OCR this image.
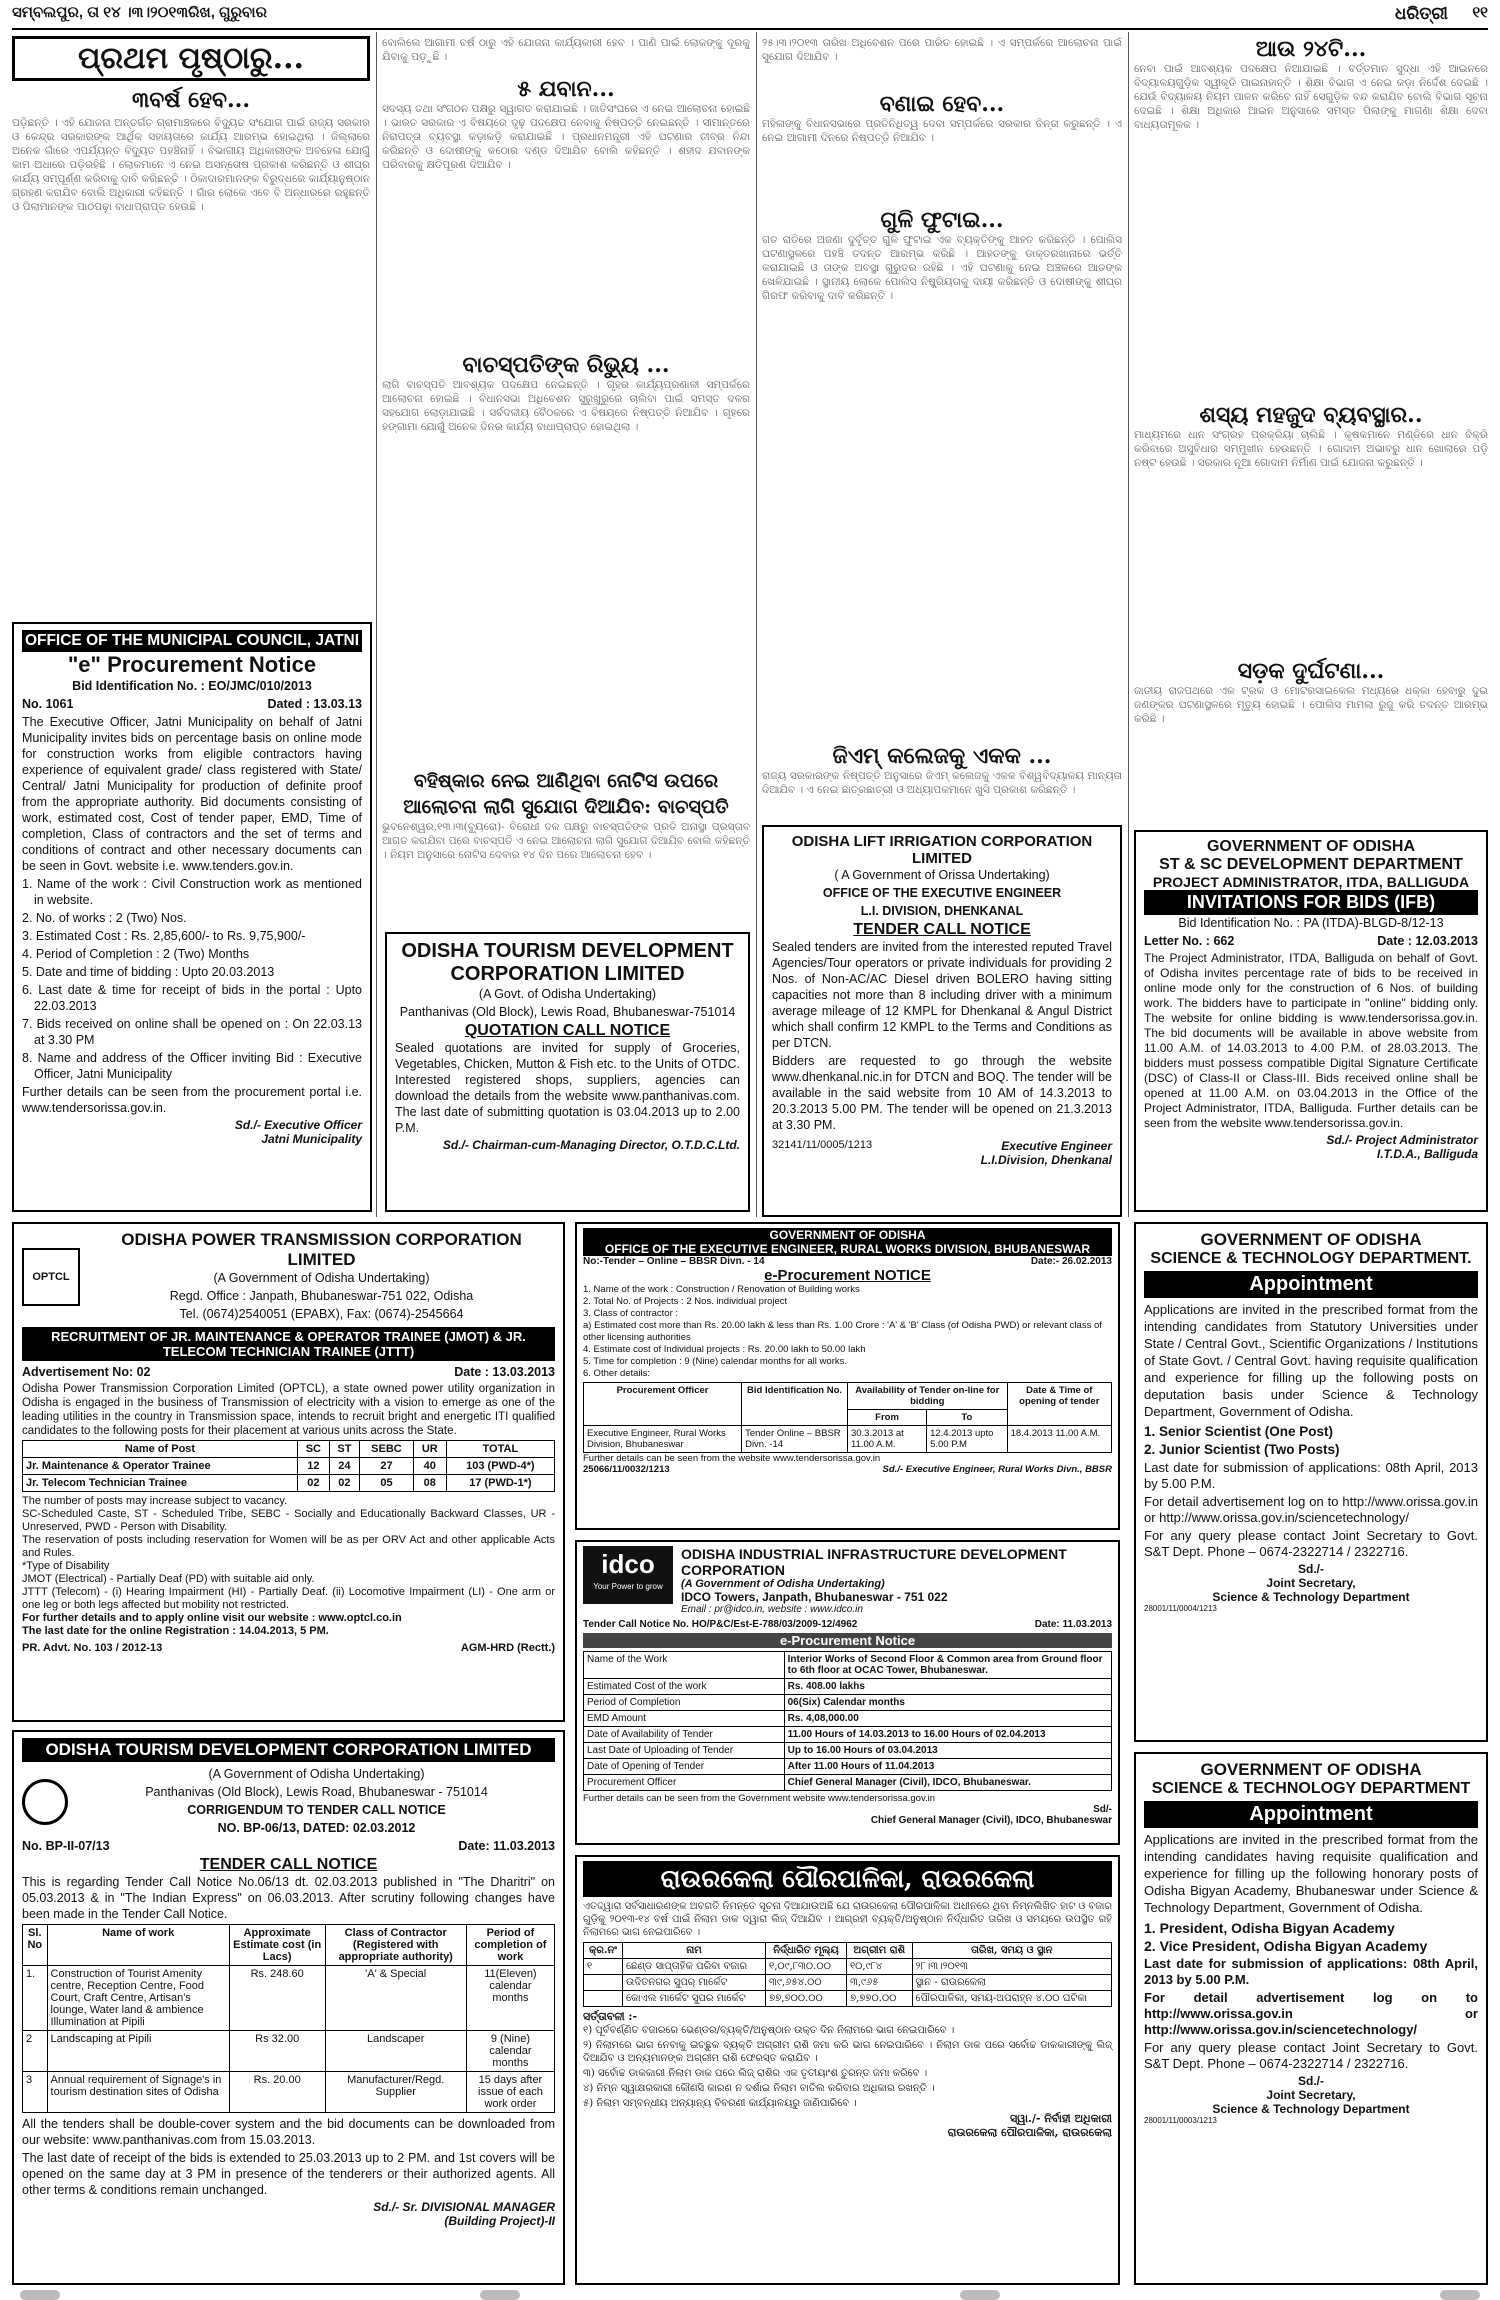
ସମ୍ବଲପୁର, ତା ୧୪ ।୩।୨୦୧୩ରିଖ, ଗୁରୁବାର	ଧରିତ୍ରୀ ୧୧
ପ୍ରଥମ ପୃଷ୍ଠାରୁ...
୩ବର୍ଷ ହେବ...
ପଡ଼ିଛନ୍ତି । ଏହି ଯୋଜନା ଅନ୍ତର୍ଗତ ଗ୍ରାମାଞ୍ଚଳରେ ବିଦ୍ୟୁତ ସଂଯୋଗ ପାଇଁ ରାଜ୍ୟ ସରକାର ଓ କେନ୍ଦ୍ର ସରକାରଙ୍କ ଆର୍ଥିକ ସହାୟତାରେ କାର୍ଯ୍ୟ ଆରମ୍ଭ ହୋଇଥିଲା । ଜିଲ୍ଲାରେ ଅନେକ ଗାଁରେ ଏପର୍ଯ୍ୟନ୍ତ ବିଦ୍ୟୁତ ପହଞ୍ଚିନାହିଁ । ବିଭାଗୀୟ ଅଧିକାରୀଙ୍କ ଅବହେଳା ଯୋଗୁଁ କାମ ଅଧାରେ ପଡ଼ିରହିଛି । ଲୋକମାନେ ଏ ନେଇ ଅସନ୍ତୋଷ ପ୍ରକାଶ କରିଛନ୍ତି ଓ ଶୀଘ୍ର କାର୍ଯ୍ୟ ସମ୍ପୂର୍ଣ୍ଣ କରିବାକୁ ଦାବି କରିଛନ୍ତି । ଠିକାଦାରମାନଙ୍କ ବିରୁଦ୍ଧରେ କାର୍ଯ୍ୟାନୁଷ୍ଠାନ ଗ୍ରହଣ କରାଯିବ ବୋଲି ଅଧିକାରୀ କହିଛନ୍ତି । ଗାଁର ଲୋକେ ଏବେ ବି ଅନ୍ଧାରରେ ରହୁଛନ୍ତି ଓ ପିଲାମାନଙ୍କ ପାଠପଢ଼ା ବାଧାପ୍ରାପ୍ତ ହେଉଛି ।
OFFICE OF THE MUNICIPAL COUNCIL, JATNI
"e" Procurement Notice

Bid Identification No. : EO/JMC/010/2013

No. 1061	Dated : 13.03.13

The Executive Officer, Jatni Municipality on behalf of Jatni Municipality invites bids on percentage basis on online mode for construction works from eligible contractors having experience of equivalent grade/ class registered with State/ Central/ Jatni Municipality for production of definite proof from the appropriate authority. Bid documents consisting of work, estimated cost, Cost of tender paper, EMD, Time of completion, Class of contractors and the set of terms and conditions of contract and other necessary documents can be seen in Govt. website i.e. www.tenders.gov.in.

1. Name of the work : Civil Construction work as mentioned in website.

2. No. of works : 2 (Two) Nos.

3. Estimated Cost : Rs. 2,85,600/- to Rs. 9,75,900/-

4. Period of Completion : 2 (Two) Months

5. Date and time of bidding : Upto 20.03.2013

6. Last date & time for receipt of bids in the portal : Upto 22.03.2013

7. Bids received on online shall be opened on : On 22.03.13 at 3.30 PM

8. Name and address of the Officer inviting Bid : Executive Officer, Jatni Municipality

Further details can be seen from the procurement portal i.e. www.tendersorissa.gov.in.

Sd./- Executive Officer
Jatni Municipality
ବୋଲିଲେ ଆଗାମୀ ବର୍ଷ ଠାରୁ ଏହି ଯୋଜନା କାର୍ଯ୍ୟକାରୀ ହେବ । ପାଣି ପାଇଁ ଲୋକଙ୍କୁ ଦୂରକୁ ଯିବାକୁ ପଡ଼ୁଛି ।
୫ ଯବାନ...
ସଦସ୍ୟ ତଥା ସଂଗଠନ ପକ୍ଷରୁ ସ୍ୱାଗତ କରାଯାଇଛି । ଜାତିସଂଘରେ ଏ ନେଇ ଆଲୋଚନା ହୋଇଛି । ଭାରତ ସରକାର ଏ ବିଷୟରେ ଦୃଢ଼ ପଦକ୍ଷେପ ନେବାକୁ ନିଷ୍ପତ୍ତି ନେଇଛନ୍ତି । ସୀମାନ୍ତରେ ନିରାପତ୍ତା ବ୍ୟବସ୍ଥା କଡ଼ାକଡ଼ି କରାଯାଇଛି । ପ୍ରଧାନମନ୍ତ୍ରୀ ଏହି ଘଟଣାର ତୀବ୍ର ନିନ୍ଦା କରିଛନ୍ତି ଓ ଦୋଷୀଙ୍କୁ କଠୋର ଦଣ୍ଡ ଦିଆଯିବ ବୋଲି କହିଛନ୍ତି । ଶହୀଦ ଯବାନଙ୍କ ପରିବାରକୁ କ୍ଷତିପୂରଣ ଦିଆଯିବ ।
ବାଚସ୍ପତିଙ୍କ ରିଭ୍ୟୁ ...
ଲାଗି ବାଚସ୍ପତି ଆବଶ୍ୟକ ପଦକ୍ଷେପ ନେଇଛନ୍ତି । ଗୃହର କାର୍ଯ୍ୟପ୍ରଣାଳୀ ସମ୍ପର୍କରେ ଆଲୋଚନା ହୋଇଛି । ବିଧାନସଭା ଅଧିବେଶନ ସୁରୁଖୁରୁରେ ଚାଲିବା ପାଇଁ ସମସ୍ତ ଦଳର ସହଯୋଗ ଲୋଡ଼ାଯାଇଛି । ସର୍ବଦଳୀୟ ବୈଠକରେ ଏ ବିଷୟରେ ନିଷ୍ପତ୍ତି ନିଆଯିବ । ଗୃହରେ ହଙ୍ଗାମା ଯୋଗୁଁ ଅନେକ ଦିନର କାର୍ଯ୍ୟ ବାଧାପ୍ରାପ୍ତ ହୋଇଥିଲା ।
ବହିଷ୍କାର ନେଇ ଆଣିଥିବା ନୋଟିସ ଉପରେ ଆଲୋଚନା ଲାଗି ସୁଯୋଗ ଦିଆଯିବ: ବାଚସ୍ପତି
ଭୁବନେଶ୍ୱର,୧୩।୩(ବ୍ୟୁରୋ)- ବିରୋଧୀ ଦଳ ପକ୍ଷରୁ ବାଚସ୍ପତିଙ୍କ ପ୍ରତି ଅନାସ୍ଥା ପ୍ରସ୍ତାବ ଆଗତ କରାଯିବା ପରେ ବାଚସ୍ପତି ଏ ନେଇ ଆଲୋଚନା ଲାଗି ସୁଯୋଗ ଦିଆଯିବ ବୋଲି କହିଛନ୍ତି । ନିୟମ ଅନୁସାରେ ନୋଟିସ ଦେବାର ୧୪ ଦିନ ପରେ ଆଲୋଚନା ହେବ ।
ODISHA TOURISM DEVELOPMENT CORPORATION LIMITED

(A Govt. of Odisha Undertaking)

Panthanivas (Old Block), Lewis Road, Bhubaneswar-751014

QUOTATION CALL NOTICE

Sealed quotations are invited for supply of Groceries, Vegetables, Chicken, Mutton & Fish etc. to the Units of OTDC. Interested registered shops, suppliers, agencies can download the details from the website www.panthanivas.com. The last date of submitting quotation is 03.04.2013 up to 2.00 P.M.

Sd./- Chairman-cum-Managing Director, O.T.D.C.Ltd.
୨୫।୩।୨୦୧୩ ତାରିଖ ଅଧିବେଶନ ପରେ ପାରିତ ହୋଇଛି । ଏ ସମ୍ପର୍କରେ ଆଲୋଚନା ପାଇଁ ସୁଯୋଗ ଦିଆଯିବ ।
ବଣାଇ ହେବ...
ମହିଳାଙ୍କୁ ବିଧାନସଭାରେ ପ୍ରତିନିଧିତ୍ୱ ଦେବା ସମ୍ପର୍କରେ ସରକାର ଚିନ୍ତା କରୁଛନ୍ତି । ଏ ନେଇ ଆଗାମୀ ଦିନରେ ନିଷ୍ପତ୍ତି ନିଆଯିବ ।
ଗୁଳି ଫୁଟାଇ...
ଗତ ରାତିରେ ଅଜଣା ଦୁର୍ବୃତ୍ତ ଗୁଳି ଫୁଟାଇ ଏକ ବ୍ୟକ୍ତିଙ୍କୁ ଆହତ କରିଛନ୍ତି । ପୋଲିସ ଘଟଣାସ୍ଥଳରେ ପହଞ୍ଚି ତଦନ୍ତ ଆରମ୍ଭ କରିଛି । ଆହତଙ୍କୁ ଡାକ୍ତରଖାନାରେ ଭର୍ତ୍ତି କରାଯାଇଛି ଓ ତାଙ୍କ ଅବସ୍ଥା ଗୁରୁତର ରହିଛି । ଏହି ଘଟଣାକୁ ନେଇ ଅଞ୍ଚଳରେ ଆତଙ୍କ ଖେଳିଯାଇଛି । ସ୍ଥାନୀୟ ଲୋକେ ପୋଲିସ ନିଷ୍କ୍ରିୟତାକୁ ଦାୟୀ କରିଛନ୍ତି ଓ ଦୋଷୀଙ୍କୁ ଶୀଘ୍ର ଗିରଫ କରିବାକୁ ଦାବି କରିଛନ୍ତି ।
ଜିଏମ୍ କଲେଜକୁ ଏକକ ...
ରାଜ୍ୟ ସରକାରଙ୍କ ନିଷ୍ପତ୍ତି ଅନୁସାରେ ଜିଏମ୍ କଲେଜକୁ ଏକକ ବିଶ୍ୱବିଦ୍ୟାଳୟ ମାନ୍ୟତା ଦିଆଯିବ । ଏ ନେଇ ଛାତ୍ରଛାତ୍ରୀ ଓ ଅଧ୍ୟାପକମାନେ ଖୁସି ପ୍ରକାଶ କରିଛନ୍ତି ।
ODISHA LIFT IRRIGATION CORPORATION LIMITED

( A Government of Orissa Undertaking)

OFFICE OF THE EXECUTIVE ENGINEER

L.I. DIVISION, DHENKANAL

TENDER CALL NOTICE

Sealed tenders are invited from the interested reputed Travel Agencies/Tour operators or private individuals for providing 2 Nos. of Non-AC/AC Diesel driven BOLERO having sitting capacities not more than 8 including driver with a minimum average mileage of 12 KMPL for Dhenkanal & Angul District which shall confirm 12 KMPL to the Terms and Conditions as per DTCN.

Bidders are requested to go through the website www.dhenkanal.nic.in for DTCN and BOQ. The tender will be available in the said website from 10 AM of 14.3.2013 to 20.3.2013 5.00 PM. The tender will be opened on 21.3.2013 at 3.30 PM.

32141/11/0005/1213	Executive Engineer
L.I.Division, Dhenkanal
ଆଉ ୨୪ଟି...
ନେବା ପାଇଁ ଆବଶ୍ୟକ ପଦକ୍ଷେପ ନିଆଯାଇଛି । ବର୍ତ୍ତମାନ ସୁଦ୍ଧା ଏହି ଆଇନରେ ବିଦ୍ୟାଳୟଗୁଡ଼ିକ ସ୍ୱୀକୃତି ପାଇନାହାନ୍ତି । ଶିକ୍ଷା ବିଭାଗ ଏ ନେଇ କଡ଼ା ନିର୍ଦ୍ଦେଶ ଦେଇଛି । ଯେଉଁ ବିଦ୍ୟାଳୟ ନିୟମ ପାଳନ କରିବେ ନାହିଁ ସେଗୁଡ଼ିକ ବନ୍ଦ କରାଯିବ ବୋଲି ବିଭାଗ ସୂଚନା ଦେଇଛି । ଶିକ୍ଷା ଅଧିକାର ଆଇନ ଅନୁସାରେ ସମସ୍ତ ପିଲାଙ୍କୁ ମାଗଣା ଶିକ୍ଷା ଦେବା ବାଧ୍ୟତାମୂଳକ ।
ଶସ୍ୟ ମହଜୁଦ ବ୍ୟବସ୍ଥାର..
ମାଧ୍ୟମରେ ଧାନ ସଂଗ୍ରହ ପ୍ରକ୍ରିୟା ଚାଲିଛି । କୃଷକମାନେ ମଣ୍ଡିରେ ଧାନ ବିକ୍ରି କରିବାରେ ଅସୁବିଧାର ସମ୍ମୁଖୀନ ହେଉଛନ୍ତି । ଗୋଦାମ ଅଭାବରୁ ଧାନ ଖୋଲାରେ ପଡ଼ି ନଷ୍ଟ ହେଉଛି । ସରକାର ନୂଆ ଗୋଦାମ ନିର୍ମାଣ ପାଇଁ ଯୋଜନା କରୁଛନ୍ତି ।
ସଡ଼କ ଦୁର୍ଘଟଣା...
ଜାତୀୟ ରାଜପଥରେ ଏକ ଟ୍ରକ ଓ ମୋଟରସାଇକେଲ ମଧ୍ୟରେ ଧକ୍କା ହେବାରୁ ଦୁଇ ଜଣଙ୍କର ଘଟଣାସ୍ଥଳରେ ମୃତ୍ୟୁ ହୋଇଛି । ପୋଲିସ ମାମଲା ରୁଜୁ କରି ତଦନ୍ତ ଆରମ୍ଭ କରିଛି ।
GOVERNMENT OF ODISHA
ST & SC DEVELOPMENT DEPARTMENT
PROJECT ADMINISTRATOR, ITDA, BALLIGUDA
INVITATIONS FOR BIDS (IFB)

Bid Identification No. : PA (ITDA)-BLGD-8/12-13

Letter No. : 662	Date : 12.03.2013

The Project Administrator, ITDA, Balliguda on behalf of Govt. of Odisha invites percentage rate of bids to be received in online mode only for the construction of 6 Nos. of building work. The bidders have to participate in "online" bidding only. The website for online bidding is www.tendersorissa.gov.in. The bid documents will be available in above website from 11.00 A.M. of 14.03.2013 to 4.00 P.M. of 28.03.2013. The bidders must possess compatible Digital Signature Certificate (DSC) of Class-II or Class-III. Bids received online shall be opened at 11.00 A.M. on 03.04.2013 in the Office of the Project Administrator, ITDA, Balliguda. Further details can be seen from the website www.tendersorissa.gov.in.

Sd./- Project Administrator
I.T.D.A., Balliguda
OPTCL
ODISHA POWER TRANSMISSION CORPORATION LIMITED

(A Government of Odisha Undertaking)

Regd. Office : Janpath, Bhubaneswar-751 022, Odisha

Tel. (0674)2540051 (EPABX), Fax: (0674)-2545664

RECRUITMENT OF JR. MAINTENANCE & OPERATOR TRAINEE (JMOT) & JR. TELECOM TECHNICIAN TRAINEE (JTTT)

Advertisement No: 02	Date : 13.03.2013

Odisha Power Transmission Corporation Limited (OPTCL), a state owned power utility organization in Odisha is engaged in the business of Transmission of electricity with a vision to emerge as one of the leading utilities in the country in Transmission space, intends to recruit bright and energetic ITI qualified candidates to the following posts for their placement at various units across the State.

Name of Post	SC	ST	SEBC	UR	TOTAL
Jr. Maintenance & Operator Trainee	12	24	27	40	103 (PWD-4*)
Jr. Telecom Technician Trainee	02	02	05	08	17 (PWD-1*)

The number of posts may increase subject to vacancy.

SC-Scheduled Caste, ST - Scheduled Tribe, SEBC - Socially and Educationally Backward Classes, UR - Unreserved, PWD - Person with Disability.

The reservation of posts including reservation for Women will be as per ORV Act and other applicable Acts and Rules.

*Type of Disability

JMOT (Electrical) - Partially Deaf (PD) with suitable aid only.

JTTT (Telecom) - (i) Hearing Impairment (HI) - Partially Deaf. (ii) Locomotive Impairment (LI) - One arm or one leg or both legs affected but mobility not restricted.

For further details and to apply online visit our website : www.optcl.co.in

The last date for the online Registration : 14.04.2013, 5 PM.

PR. Advt. No. 103 / 2012-13	AGM-HRD (Rectt.)
ODISHA TOURISM DEVELOPMENT CORPORATION LIMITED

(A Government of Odisha Undertaking)

Panthanivas (Old Block), Lewis Road, Bhubaneswar - 751014

CORRIGENDUM TO TENDER CALL NOTICE

NO. BP-06/13, DATED: 02.03.2012

No. BP-II-07/13	Date: 11.03.2013

TENDER CALL NOTICE

This is regarding Tender Call Notice No.06/13 dt. 02.03.2013 published in "The Dharitri" on 05.03.2013 & in "The Indian Express" on 06.03.2013. After scrutiny following changes have been made in the Tender Call Notice.

Sl. No	Name of work	Approximate Estimate cost (in Lacs)	Class of Contractor (Registered with appropriate authority)	Period of completion of work
1.	Construction of Tourist Amenity centre, Reception Centre, Food Court, Craft Centre, Artisan's lounge, Water land & ambience Illumination at Pipili	Rs. 248.60	'A' & Special	11(Eleven) calendar months
2	Landscaping at Pipili	Rs 32.00	Landscaper	9 (Nine) calendar months
3	Annual requirement of Signage's in tourism destination sites of Odisha	Rs. 20.00	Manufacturer/Regd. Supplier	15 days after issue of each work order

All the tenders shall be double-cover system and the bid documents can be downloaded from our website: www.panthanivas.com from 15.03.2013.

The last date of receipt of the bids is extended to 25.03.2013 up to 2 PM. and 1st covers will be opened on the same day at 3 PM in presence of the tenderers or their authorized agents. All other terms & conditions remain unchanged.

Sd./- Sr. DIVISIONAL MANAGER
(Building Project)-II
GOVERNMENT OF ODISHA
OFFICE OF THE EXECUTIVE ENGINEER, RURAL WORKS DIVISION, BHUBANESWAR
No:-Tender – Online – BBSR Divn. - 14	Date:- 26.02.2013
e-Procurement NOTICE
1. Name of the work : Construction / Renovation of Building works
2. Total No. of Projects : 2 Nos. individual project
3. Class of contractor :
a) Estimated cost more than Rs. 20.00 lakh & less than Rs. 1.00 Crore : 'A' & 'B' Class (of Odisha PWD) or relevant class of other licensing authorities
4. Estimate cost of Individual projects : Rs. 20.00 lakh to 50.00 lakh
5. Time for completion : 9 (Nine) calendar months for all works.
6. Other details:
Procurement Officer	Bid Identification No.	Availability of Tender on-line for bidding		Date & Time of opening of tender
		From	To	
Executive Engineer, Rural Works Division, Bhubaneswar	Tender Online – BBSR Divn. -14	30.3.2013 at 11.00 A.M.	12.4.2013 upto 5.00 P.M	18.4.2013 11.00 A.M.
Further details can be seen from the website www.tendersorissa.gov.in
25066/11/0032/1213	Sd./- Executive Engineer, Rural Works Divn., BBSR
idco
Your Power to grow
ODISHA INDUSTRIAL INFRASTRUCTURE DEVELOPMENT CORPORATION
(A Government of Odisha Undertaking)
IDCO Towers, Janpath, Bhubaneswar - 751 022
Email : pr@idco.in, website : www.idco.in
Tender Call Notice No. HO/P&C/Est-E-788/03/2009-12/4962	Date: 11.03.2013
e-Procurement Notice
Name of the Work	Interior Works of Second Floor & Common area from Ground floor to 6th floor at OCAC Tower, Bhubaneswar.
Estimated Cost of the work	Rs. 408.00 lakhs
Period of Completion	06(Six) Calendar months
EMD Amount	Rs. 4,08,000.00
Date of Availability of Tender	11.00 Hours of 14.03.2013 to 16.00 Hours of 02.04.2013
Last Date of Uploading of Tender	Up to 16.00 Hours of 03.04.2013
Date of Opening of Tender	After 11.00 Hours of 11.04.2013
Procurement Officer	Chief General Manager (Civil), IDCO, Bhubaneswar.
Further details can be seen from the Government website www.tendersorissa.gov.in
Sd/-
Chief General Manager (Civil), IDCO, Bhubaneswar
ରାଉରକେଲା ପୌରପାଳିକା, ରାଉରକେଲା
ଏତଦ୍ଦ୍ୱାରା ସର୍ବସାଧାରଣଙ୍କ ଅବଗତି ନିମନ୍ତେ ସୂଚନା ଦିଆଯାଉଅଛି ଯେ ରାଉରକେଲା ପୌରପାଳିକା ଅଧୀନରେ ଥିବା ନିମ୍ନଲିଖିତ ହାଟ ଓ ବଜାର ଗୁଡ଼ିକୁ ୨୦୧୩-୧୪ ବର୍ଷ ପାଇଁ ନିଲାମ ଡାକ ଦ୍ୱାରା ଲିଜ୍ ଦିଆଯିବ । ଆଗ୍ରହୀ ବ୍ୟକ୍ତି/ଅନୁଷ୍ଠାନ ନିର୍ଦ୍ଧାରିତ ତାରିଖ ଓ ସମୟରେ ଉପସ୍ଥିତ ରହି ନିଲାମରେ ଭାଗ ନେଇପାରିବେ ।
କ୍ର.ନଂ	ନାମ	ନିର୍ଦ୍ଧାରିତ ମୂଲ୍ୟ	ଅଗ୍ରୀମ ରାଶି	ତାରିଖ, ସମୟ ଓ ସ୍ଥାନ
୧	ଛେଣ୍ଡ ସାପ୍ତାହିକ ପରିବା ବଜାର	୧,୦୯,୮୩୦.୦୦	୧୦,୯୮୪	୨୮।୩।୨୦୧୩
	ଉଦିତନଗର ସୁପର୍ ମାର୍କେଟ	୩୯,୬୫୪.୦୦	୩,୯୬୫	ସ୍ଥାନ - ରାଉରକେଲା
	କୋଏଲ ମାର୍କେଟ ସୁପର ମାର୍କେଟ	୭୭,୭୦୦.୦୦	୭,୭୭୦.୦୦	ପୌରପାଳିକା, ସମୟ-ଅପରାହ୍ନ ୪.୦୦ ଘଟିକା
ସର୍ତ୍ତାବଳୀ :-
୧) ପୂର୍ବବର୍ଣ୍ଣିତ ବଜାରରେ ଭେଣ୍ଡର/ବ୍ୟକ୍ତି/ଅନୁଷ୍ଠାନ ଉକ୍ତ ଦିନ ନିଲାମରେ ଭାଗ ନେଇପାରିବେ ।
୨) ନିଲାମରେ ଭାଗ ନେବାକୁ ଇଚ୍ଛୁକ ବ୍ୟକ୍ତି ଅଗ୍ରୀମ ରାଶି ଜମା କରି ଭାଗ ନେଇପାରିବେ । ନିଲାମ ଡାକ ପରେ ସର୍ବୋଚ୍ଚ ଡାକକାରୀଙ୍କୁ ଲିଜ୍ ଦିଆଯିବ ଓ ଅନ୍ୟମାନଙ୍କ ଅଗ୍ରୀମ ରାଶି ଫେରସ୍ତ କରାଯିବ ।
୩) ସର୍ବୋଚ୍ଚ ଡାକକାରୀ ନିଲାମ ଡାକ ପରେ ଲିଜ୍ ରାଶିର ଏକ ତୃତୀୟାଂଶ ତୁରନ୍ତ ଜମା କରିବେ ।
୪) ନିମ୍ନ ସ୍ୱାକ୍ଷରକାରୀ କୌଣସି କାରଣ ନ ଦର୍ଶାଇ ନିଲାମ ବାତିଲ କରିବାର ଅଧିକାର ରଖନ୍ତି ।
୫) ନିଲାମ ସମ୍ବନ୍ଧୀୟ ଅନ୍ୟାନ୍ୟ ବିବରଣୀ କାର୍ଯ୍ୟାଳୟରୁ ଜାଣିପାରିବେ ।
ସ୍ୱା./- ନିର୍ବାହୀ ଅଧିକାରୀ
ରାଉରକେଲା ପୌରପାଳିକା, ରାଉରକେଲା
GOVERNMENT OF ODISHA
SCIENCE & TECHNOLOGY DEPARTMENT.
Appointment

Applications are invited in the prescribed format from the intending candidates from Statutory Universities under State / Central Govt., Scientific Organizations / Institutions of State Govt. / Central Govt. having requisite qualification and experience for filling up the following posts on deputation basis under Science & Technology Department, Government of Odisha.

1. Senior Scientist (One Post)

2. Junior Scientist (Two Posts)

Last date for submission of applications: 08th April, 2013 by 5.00 P.M.

For detail advertisement log on to http://www.orissa.gov.in or http://www.orissa.gov.in/sciencetechnology/

For any query please contact Joint Secretary to Govt. S&T Dept. Phone – 0674-2322714 / 2322716.

Sd./-
Joint Secretary,
Science & Technology Department
28001/11/0004/1213
GOVERNMENT OF ODISHA
SCIENCE & TECHNOLOGY DEPARTMENT
Appointment

Applications are invited in the prescribed format from the intending candidates having requisite qualification and experience for filling up the following honorary posts of Odisha Bigyan Academy, Bhubaneswar under Science & Technology Department, Government of Odisha.

1. President, Odisha Bigyan Academy

2. Vice President, Odisha Bigyan Academy

Last date for submission of applications: 08th April, 2013 by 5.00 P.M.

For detail advertisement log on to http://www.orissa.gov.in or http://www.orissa.gov.in/sciencetechnology/

For any query please contact Joint Secretary to Govt. S&T Dept. Phone – 0674-2322714 / 2322716.

Sd./-
Joint Secretary,
Science & Technology Department
28001/11/0003/1213
